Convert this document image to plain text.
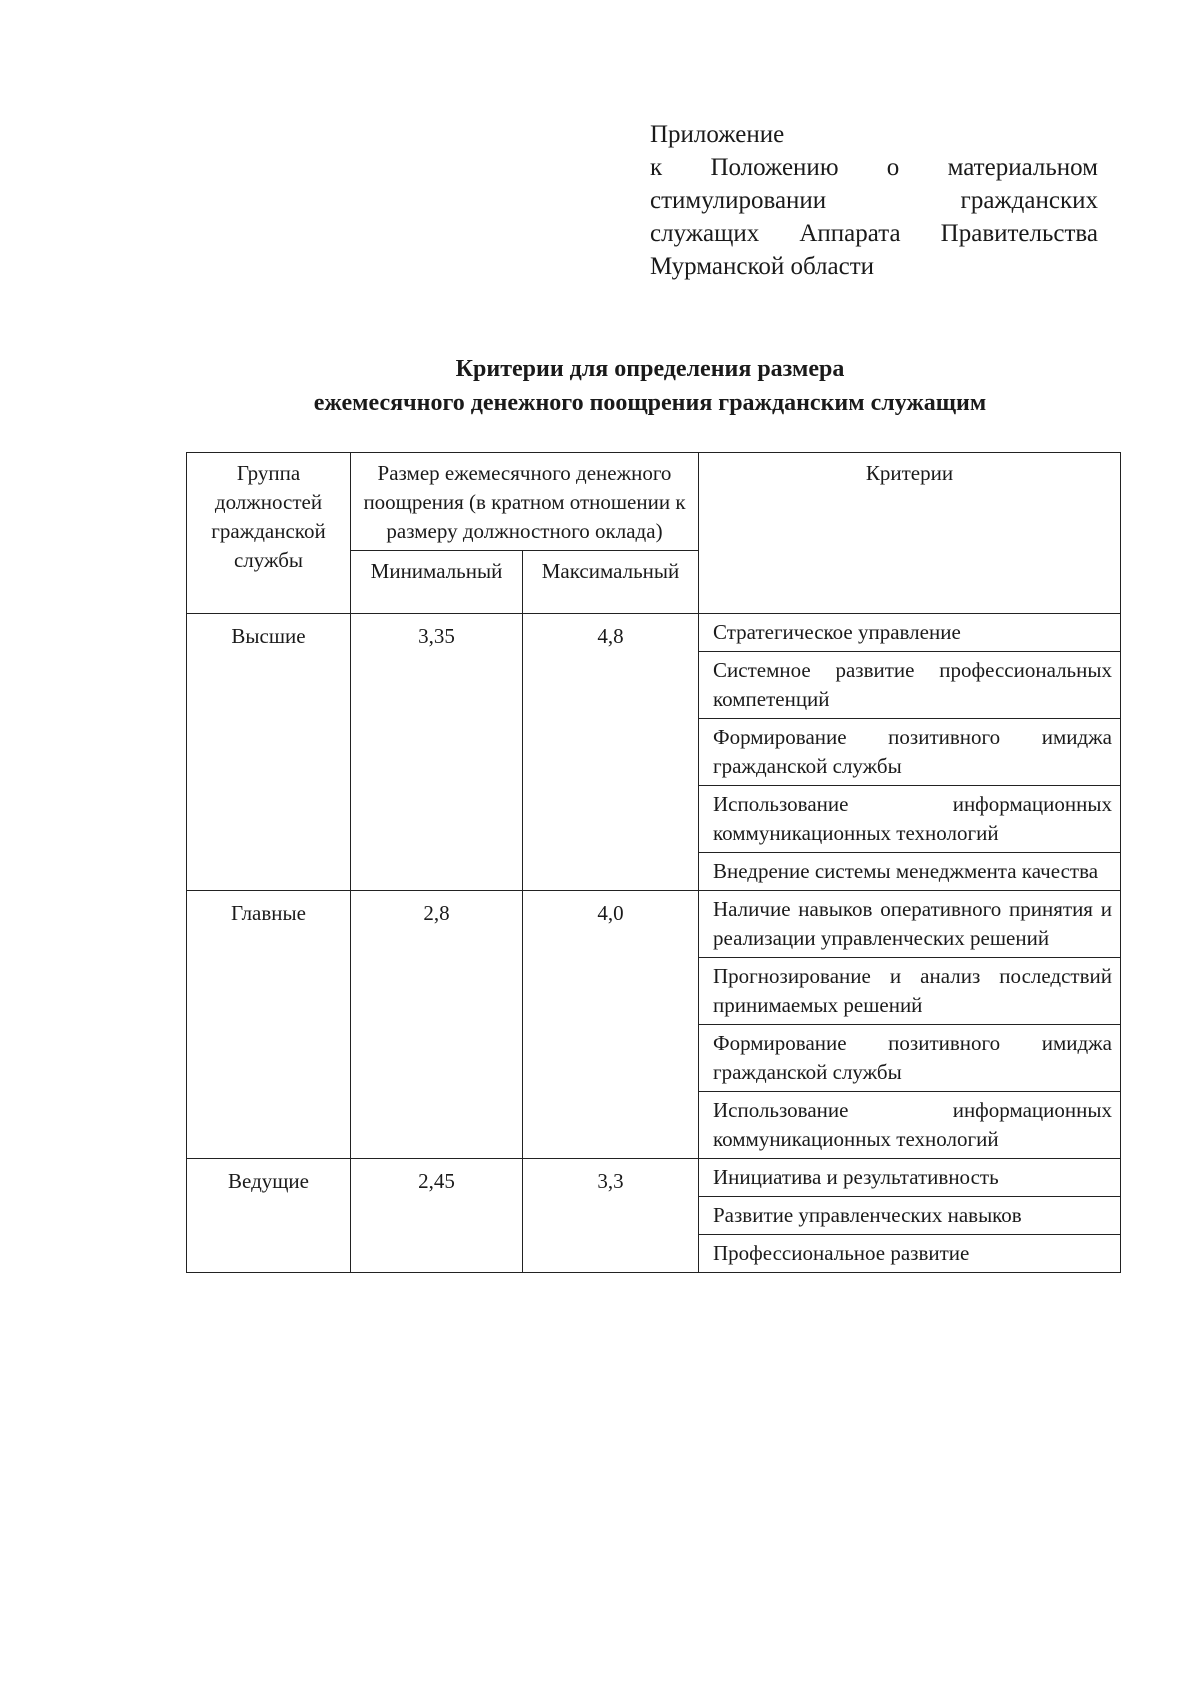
Приложение
к Положению о материальном
стимулировании гражданских
служащих Аппарата Правительства
Мурманской области
Критерии для определения размера
ежемесячного денежного поощрения гражданским служащим
Группа должностей гражданской службы	Размер ежемесячного денежного поощрения (в кратном отношении к размеру должностного оклада)		Критерии
	Минимальный	Максимальный	
Высшие	3,35	4,8	Стратегическое управление
			Системное развитие профессиональных компетенций
			Формирование позитивного имиджа гражданской службы
			Использование информационных коммуникационных технологий
			Внедрение системы менеджмента качества
Главные	2,8	4,0	Наличие навыков оперативного принятия и реализации управленческих решений
			Прогнозирование и анализ последствий принимаемых решений
			Формирование позитивного имиджа гражданской службы
			Использование информационных коммуникационных технологий
Ведущие	2,45	3,3	Инициатива и результативность
			Развитие управленческих навыков
			Профессиональное развитие
